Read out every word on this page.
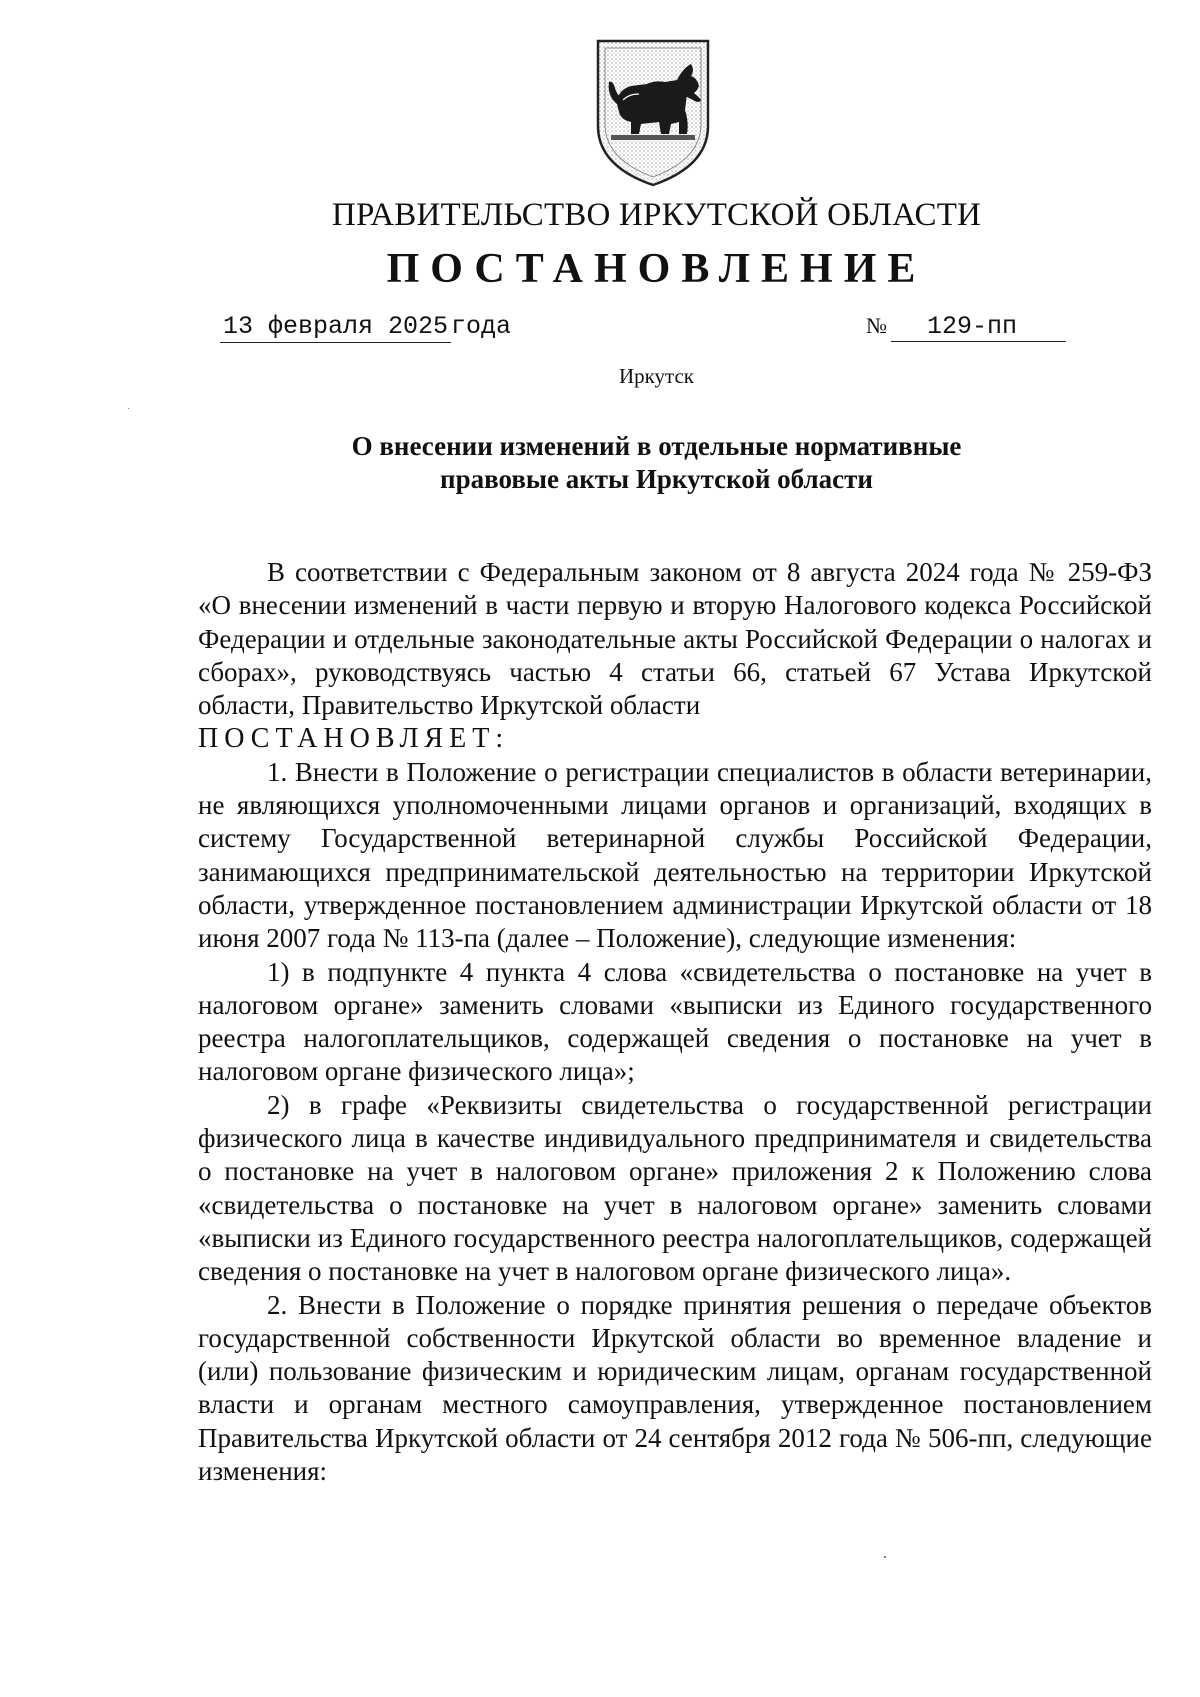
ПРАВИТЕЛЬСТВО ИРКУТСКОЙ ОБЛАСТИ
ПОСТАНОВЛЕНИЕ
13 февраля 2025 года	№ 129-пп
Иркутск
О внесении изменений в отдельные нормативные
правовые акты Иркутской области

В соответствии с Федеральным законом от 8 августа 2024 года № 259-ФЗ «О внесении изменений в части первую и вторую Налогового кодекса Российской Федерации и отдельные законодательные акты Российской Федерации о налогах и сборах», руководствуясь частью 4 статьи 66, статьей 67 Устава Иркутской области, Правительство Иркутской области

ПОСТАНОВЛЯЕТ:

1. Внести в Положение о регистрации специалистов в области ветеринарии, не являющихся уполномоченными лицами органов и организаций, входящих в систему Государственной ветеринарной службы Российской Федерации, занимающихся предпринимательской деятельностью на территории Иркутской области, утвержденное постановлением администрации Иркутской области от 18 июня 2007 года № 113-па (далее – Положение), следующие изменения:

1) в подпункте 4 пункта 4 слова «свидетельства о постановке на учет в налоговом органе» заменить словами «выписки из Единого государственного реестра налогоплательщиков, содержащей сведения о постановке на учет в налоговом органе физического лица»;

2) в графе «Реквизиты свидетельства о государственной регистрации физического лица в качестве индивидуального предпринимателя и свидетельства о постановке на учет в налоговом органе» приложения 2 к Положению слова «свидетельства о постановке на учет в налоговом органе» заменить словами «выписки из Единого государственного реестра налогоплательщиков, содержащей сведения о постановке на учет в налоговом органе физического лица».

2. Внести в Положение о порядке принятия решения о передаче объектов государственной собственности Иркутской области во временное владение и (или) пользование физическим и юридическим лицам, органам государственной власти и органам местного самоуправления, утвержденное постановлением Правительства Иркутской области от 24 сентября 2012 года № 506-пп, следующие изменения:
